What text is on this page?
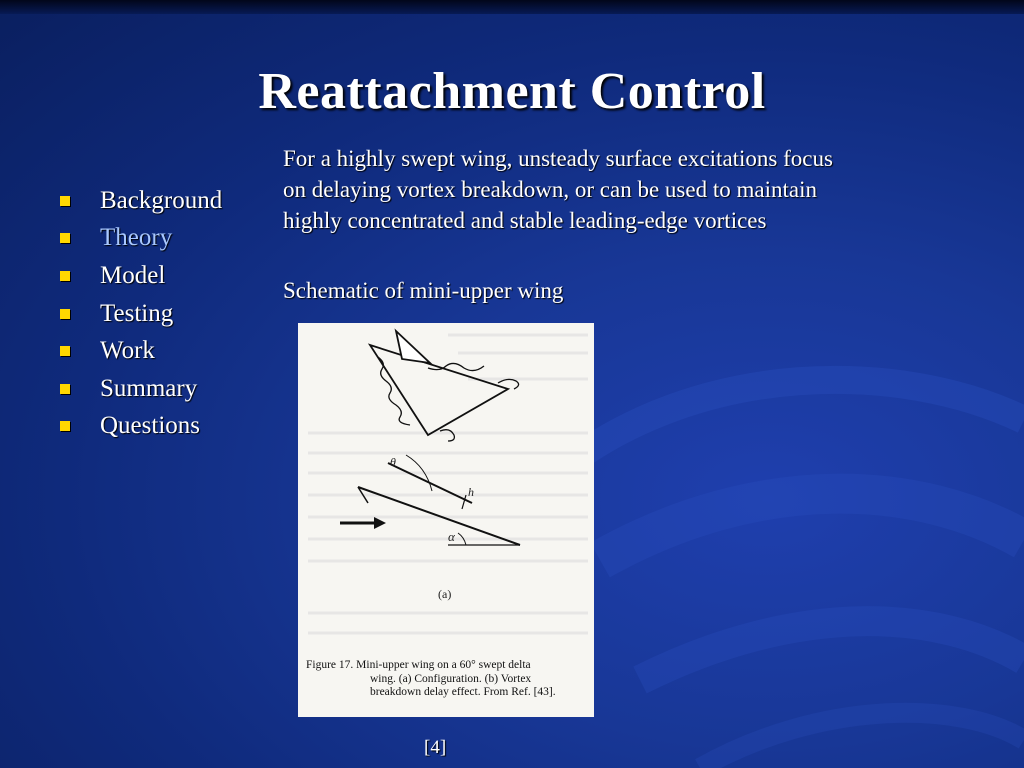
Reattachment Control
Background
Theory
Model
Testing
Work
Summary
Questions
For a highly swept wing, unsteady surface excitations focus
on delaying vortex breakdown, or can be used to maintain
highly concentrated and stable leading-edge vortices
Schematic of mini-upper wing
θ
h
α
(a)
Figure 17. Mini-upper wing on a 60° swept delta
wing. (a) Configuration. (b) Vortex
breakdown delay effect. From Ref. [43].
[4]
